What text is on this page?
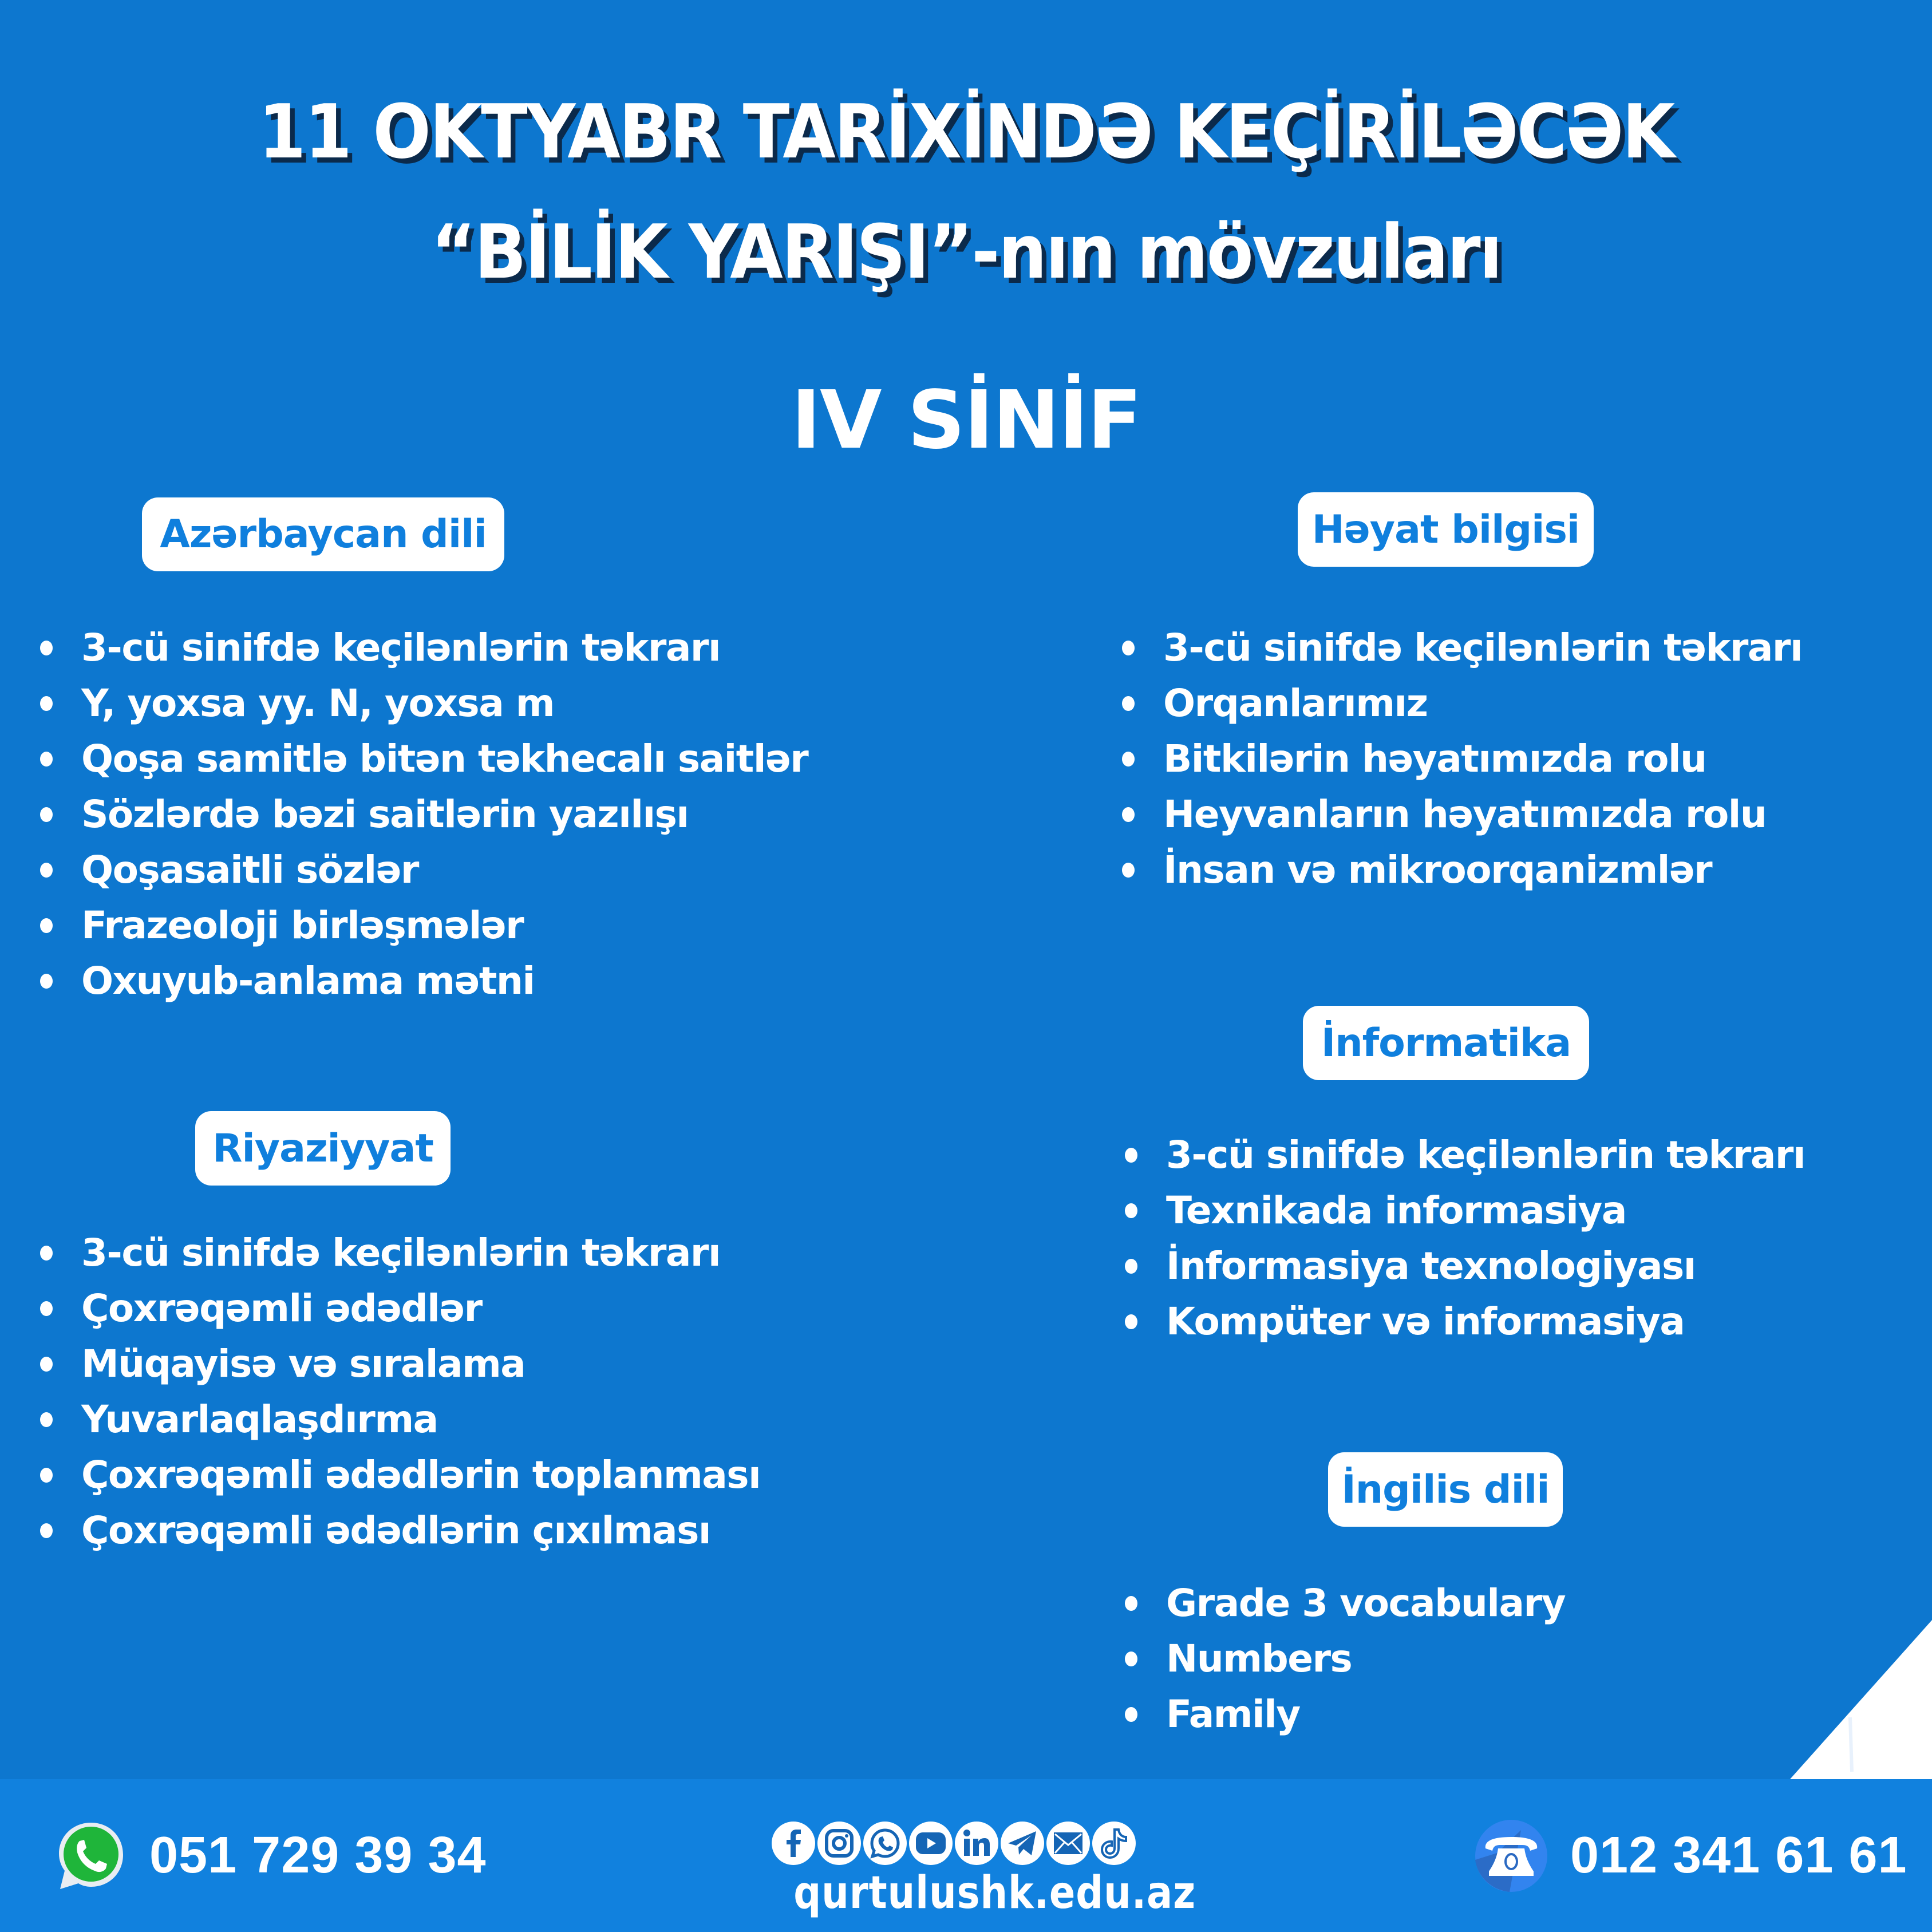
11 OKTYABR TARİXİNDƏ KEÇİRİLƏCƏK
“BİLİK YARIŞI”-nın mövzuları
IV SİNİF
Azərbaycan dili
3-cü sinifdə keçilənlərin təkrarı
Y, yoxsa yy. N, yoxsa m
Qoşa samitlə bitən təkhecalı saitlər
Sözlərdə bəzi saitlərin yazılışı
Qoşasaitli sözlər
Frazeoloji birləşmələr
Oxuyub-anlama mətni
Riyaziyyat
3-cü sinifdə keçilənlərin təkrarı
Çoxrəqəmli ədədlər
Müqayisə və sıralama
Yuvarlaqlaşdırma
Çoxrəqəmli ədədlərin toplanması
Çoxrəqəmli ədədlərin çıxılması
Həyat bilgisi
3-cü sinifdə keçilənlərin təkrarı
Orqanlarımız
Bitkilərin həyatımızda rolu
Heyvanların həyatımızda rolu
İnsan və mikroorqanizmlər
İnformatika
3-cü sinifdə keçilənlərin təkrarı
Texnikada informasiya
İnformasiya texnologiyası
Kompüter və informasiya
İngilis dili
Grade 3 vocabulary
Numbers
Family
051 729 39 34	012 341 61 61
qurtulushk.edu.az
